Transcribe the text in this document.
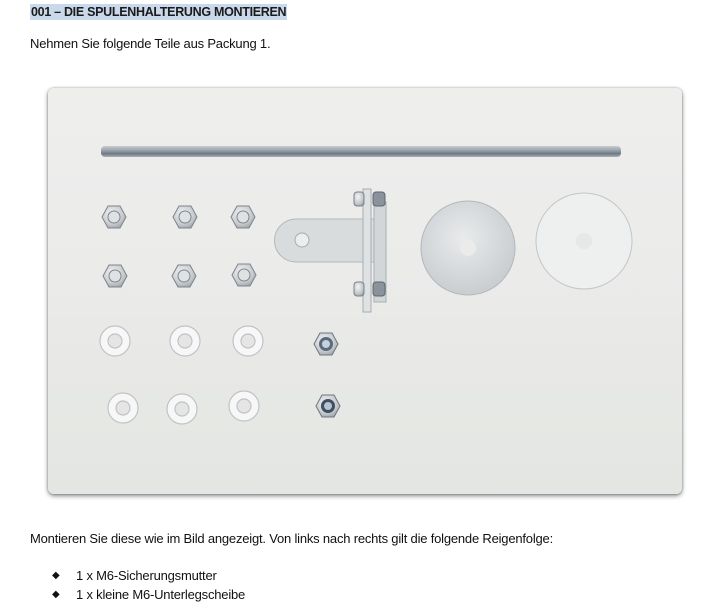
001 – DIE SPULENHALTERUNG MONTIEREN
Nehmen Sie folgende Teile aus Packung 1.
Montieren Sie diese wie im Bild angezeigt. Von links nach rechts gilt die folgende Reigenfolge:
◆ 1 x M6-Sicherungsmutter
◆ 1 x kleine M6-Unterlegscheibe
